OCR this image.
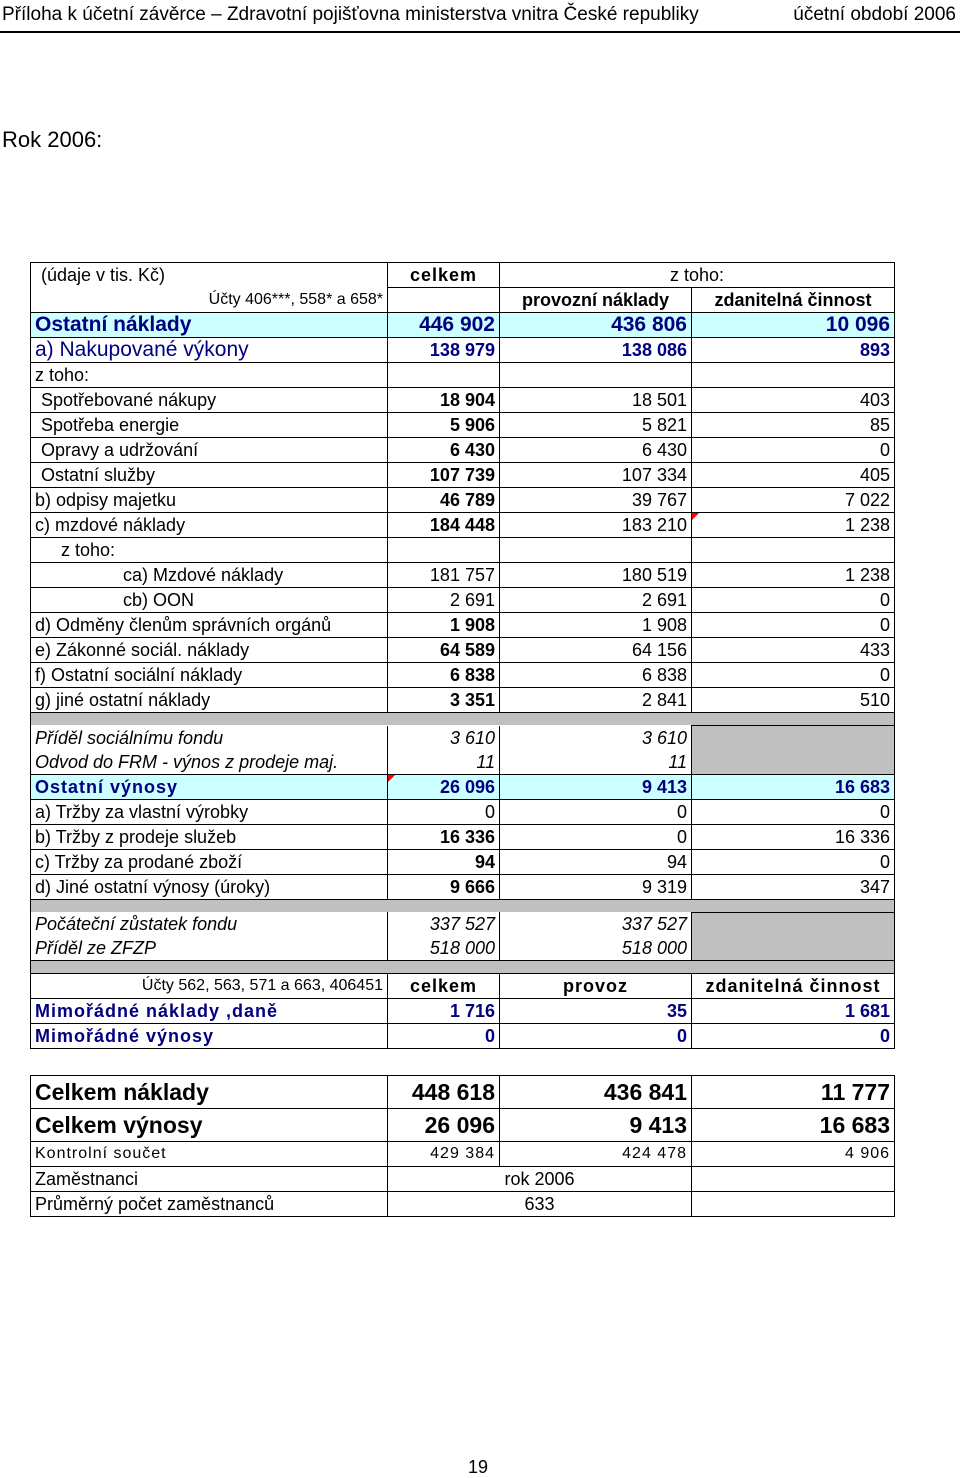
Příloha k účetní závěrce – Zdravotní pojišťovna ministerstva vnitra České republiky	účetní období 2006
Rok 2006:
(údaje v tis. Kč)	celkem	z toho:	
Účty 406***, 558* a 658*		provozní náklady	zdanitelná činnost
Ostatní náklady	446 902	436 806	10 096
a) Nakupované výkony	138 979	138 086	893
z toho:			
Spotřebované nákupy	18 904	18 501	403
Spotřeba energie	5 906	5 821	85
Opravy a udržování	6 430	6 430	0
Ostatní služby	107 739	107 334	405
b) odpisy majetku	46 789	39 767	7 022
c) mzdové náklady	184 448	183 210	1 238
z toho:			
ca) Mzdové náklady	181 757	180 519	1 238
cb) OON	2 691	2 691	0
d) Odměny členům správních orgánů	1 908	1 908	0
e) Zákonné sociál. náklady	64 589	64 156	433
f) Ostatní sociální náklady	6 838	6 838	0
g) jiné ostatní náklady	3 351	2 841	510

Příděl sociálnímu fondu	3 610	3 610	
Odvod do FRM - výnos z prodeje maj.	11	11	
Ostatní výnosy	26 096	9 413	16 683
a) Tržby za vlastní výrobky	0	0	0
b) Tržby z prodeje služeb	16 336	0	16 336
c) Tržby za prodané zboží	94	94	0
d) Jiné ostatní výnosy (úroky)	9 666	9 319	347

Počáteční zůstatek fondu	337 527	337 527	
Příděl ze ZFZP	518 000	518 000	

Účty 562, 563, 571 a 663, 406451	celkem	provoz	zdanitelná činnost
Mimořádné náklady ,daně	1 716	35	1 681
Mimořádné výnosy	0	0	0

Celkem náklady	448 618	436 841	11 777
Celkem výnosy	26 096	9 413	16 683
Kontrolní součet	429 384	424 478	4 906
Zaměstnanci	rok 2006		
Průměrný počet zaměstnanců	633		
19
